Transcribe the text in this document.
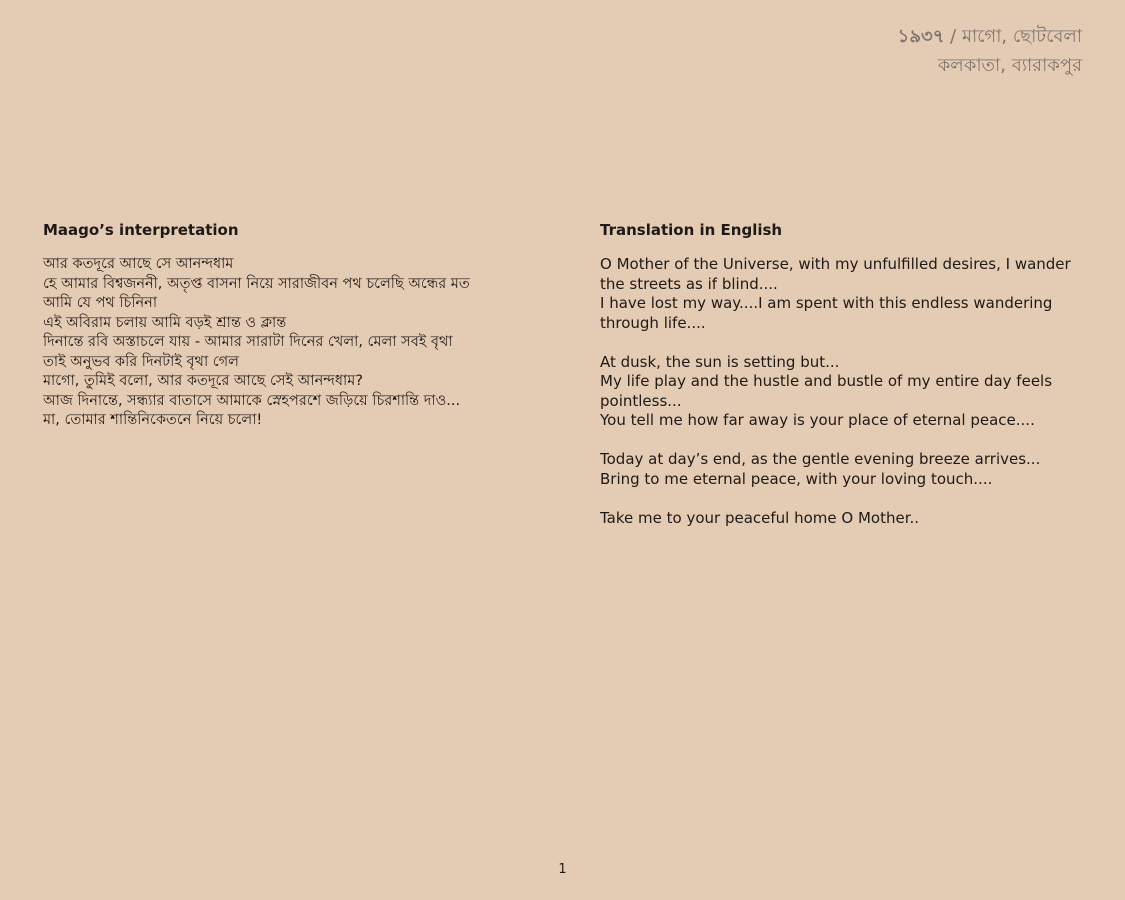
১৯৩৭ / মাগো, ছোটবেলা
কলকাতা, ব্যারাকপুর
Maago’s interpretation
আর কতদূরে আছে সে আনন্দধাম
হে আমার বিশ্বজননী, অতৃপ্ত বাসনা নিয়ে সারাজীবন পথ চলেছি অন্ধের মত
আমি যে পথ চিনিনা
এই অবিরাম চলায় আমি বড়ই শ্রান্ত ও ক্লান্ত
দিনান্তে রবি অস্তাচলে যায় - আমার সারাটা দিনের খেলা, মেলা সবই বৃথা
তাই অনুভব করি দিনটাই বৃথা গেল
মাগো, তুমিই বলো, আর কতদূরে আছে সেই আনন্দধাম?
আজ দিনান্তে, সন্ধ্যার বাতাসে আমাকে স্নেহপরশে জড়িয়ে চিরশান্তি দাও...
মা, তোমার শান্তিনিকেতনে নিয়ে চলো!
Translation in English
O Mother of the Universe, with my unfulfilled desires, I wander the streets as if blind....
I have lost my way....I am spent with this endless wandering through life....
At dusk, the sun is setting but...
My life play and the hustle and bustle of my entire day feels pointless...
You tell me how far away is your place of eternal peace....
Today at day’s end, as the gentle evening breeze arrives...
Bring to me eternal peace, with your loving touch....
Take me to your peaceful home O Mother..
1
